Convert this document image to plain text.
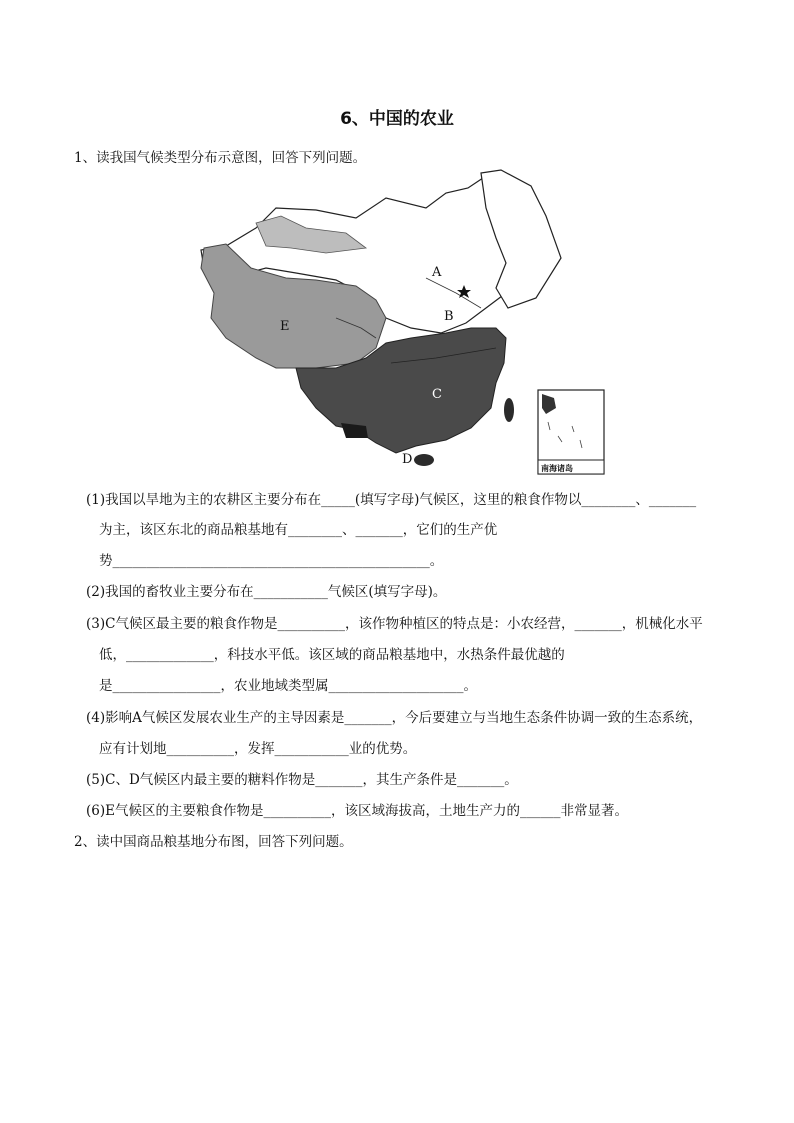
6、中国的农业
1、读我国气候类型分布示意图，回答下列问题。
A
B
C
D
E
南海诸岛
(1)我国以旱地为主的农耕区主要分布在_____(填写字母)气候区，这里的粮食作物以________、_______
为主，该区东北的商品粮基地有________、_______，它们的生产优
势_______________________________________________。
(2)我国的畜牧业主要分布在___________气候区(填写字母)。
(3)C气候区最主要的粮食作物是__________，该作物种植区的特点是：小农经营，_______，机械化水平
低，_____________，科技水平低。该区域的商品粮基地中，水热条件最优越的
是________________，农业地域类型属____________________。
(4)影响A气候区发展农业生产的主导因素是_______，今后要建立与当地生态条件协调一致的生态系统，
应有计划地__________，发挥___________业的优势。
(5)C、D气候区内最主要的糖料作物是_______，其生产条件是_______。
(6)E气候区的主要粮食作物是__________，该区域海拔高，土地生产力的______非常显著。
2、读中国商品粮基地分布图，回答下列问题。
